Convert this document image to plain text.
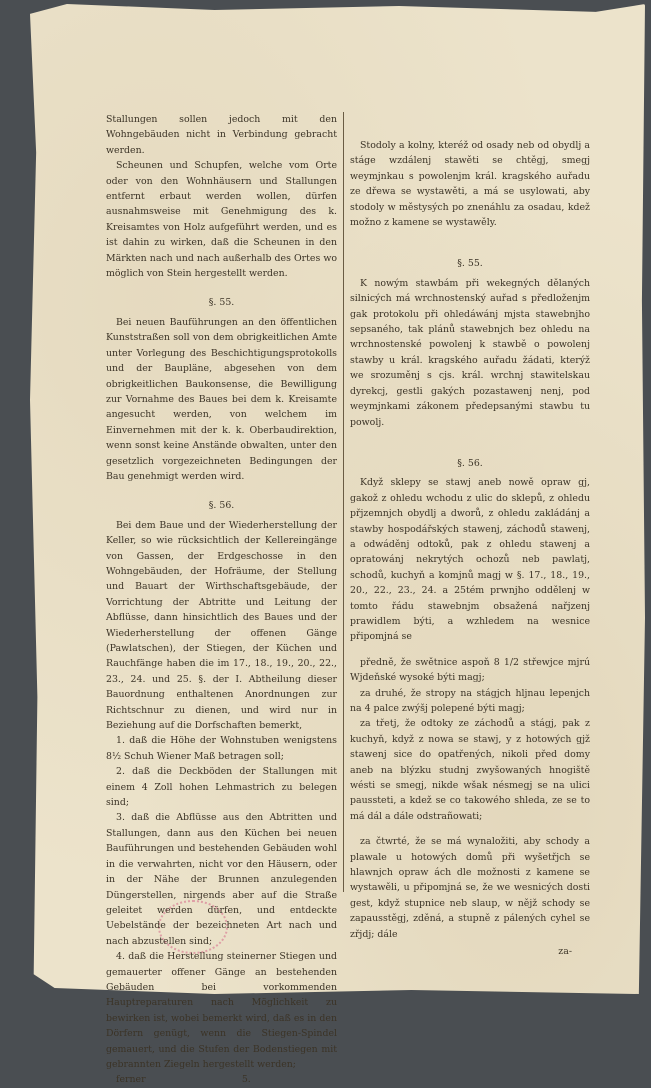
Stallungen sollen jedoch mit den Wohngebäuden nicht in Verbindung gebracht werden.

Scheunen und Schupfen, welche vom Orte oder von den Wohnhäusern und Stallungen entfernt erbaut werden wollen, dürfen ausnahmsweise mit Genehmigung des k. Kreisamtes von Holz aufgeführt werden, und es ist dahin zu wirken, daß die Scheunen in den Märkten nach und nach außerhalb des Ortes wo möglich von Stein hergestellt werden.

§. 55.

Bei neuen Bauführungen an den öffentlichen Kunststraßen soll von dem obrigkeitlichen Amte unter Vorlegung des Beschichtigungsprotokolls und der Baupläne, abgesehen von dem obrigkeitlichen Baukonsense, die Bewilligung zur Vornahme des Baues bei dem k. Kreisamte angesucht werden, von welchem im Einvernehmen mit der k. k. Oberbaudirektion, wenn sonst keine Anstände obwalten, unter den gesetzlich vorgezeichneten Bedingungen der Bau genehmigt werden wird.

§. 56.

Bei dem Baue und der Wiederherstellung der Keller, so wie rücksichtlich der Kellereingänge von Gassen, der Erdgeschosse in den Wohngebäuden, der Hofräume, der Stellung und Bauart der Wirthschaftsgebäude, der Vorrichtung der Abtritte und Leitung der Abflüsse, dann hinsichtlich des Baues und der Wiederherstellung der offenen Gänge (Pawlatschen), der Stiegen, der Küchen und Rauchfänge haben die im 17., 18., 19., 20., 22., 23., 24. und 25. §. der I. Abtheilung dieser Bauordnung enthaltenen Anordnungen zur Richtschnur zu dienen, und wird nur in Beziehung auf die Dorfschaften bemerkt,

1. daß die Höhe der Wohnstuben wenigstens 8½ Schuh Wiener Maß betragen soll;

2. daß die Deckböden der Stallungen mit einem 4 Zoll hohen Lehmastrich zu belegen sind;

3. daß die Abflüsse aus den Abtritten und Stallungen, dann aus den Küchen bei neuen Bauführungen und bestehenden Gebäuden wohl in die verwahrten, nicht vor den Häusern, oder in der Nähe der Brunnen anzulegenden Düngerstellen, nirgends aber auf die Straße geleitet werden dürfen, und entdeckte Uebelstände der bezeichneten Art nach und nach abzustellen sind;

4. daß die Herstellung steinerner Stiegen und gemauerter offener Gänge an bestehenden Gebäuden bei vorkommenden Hauptreparaturen nach Möglichkeit zu bewirken ist, wobei bemerkt wird, daß es in den Dörfern genügt, wenn die Stiegen-Spindel gemauert, und die Stufen der Bodenstiegen mit gebrannten Ziegeln hergestellt werden;

ferner	5.

Stodoly a kolny, kteréž od osady neb od obydlj a stáge wzdálenj stawěti se chtěgj, smegj weymjnkau s powolenjm král. kragského auřadu ze dřewa se wystawěti, a má se usylowati, aby stodoly w městysých po znenáhlu za osadau, kdež možno z kamene se wystawěly.

§. 55.

K nowým stawbám při wekegných dělaných silnicých má wrchnostenský auřad s předloženjm gak protokolu při ohledáwánj mjsta stawebnjho sepsaného, tak plánů stawebnjch bez ohledu na wrchnostenské powolenj k stawbě o powolenj stawby u král. kragského auřadu žádati, kterýž we srozuměnj s cjs. král. wrchnj stawitelskau dyrekcj, gestli gakých pozastawenj nenj, pod weymjnkami zákonem předepsanými stawbu tu powolj.

§. 56.

Když sklepy se stawj aneb nowě opraw gj, gakož z ohledu wchodu z ulic do sklepů, z ohledu přjzemnjch obydlj a dworů, z ohledu zakládánj a stawby hospodářských stawenj, záchodů stawenj, a odwáděnj odtoků, pak z ohledu stawenj a opratowánj nekrytých ochozů neb pawlatj, schodů, kuchyň a komjnů magj w §. 17., 18., 19., 20., 22., 23., 24. a 25tém prwnjho oddělenj w tomto řádu stawebnjm obsažená nařjzenj prawidlem býti, a wzhledem na wesnice připomjná se

předně, že swětnice aspoň 8 1/2 střewjce mjrú Wjdeňské wysoké býti magj;

za druhé, že stropy na stágjch hljnau lepenjch na 4 palce zwýšj polepené býti magj;

za třetj, že odtoky ze záchodů a stágj, pak z kuchyň, když z nowa se stawj, y z hotowých gjž stawenj sice do opatřených, nikoli před domy aneb na blýzku studnj zwyšowaných hnogiště wésti se smegj, nikde wšak nésmegj se na ulici paussteti, a kdež se co takowého shleda, ze se to má dál a dále odstrañowati;

za čtwrté, že se má wynaložiti, aby schody a plawale u hotowých domů při wyšetřjch se hlawnjch opraw ách dle možnosti z kamene se wystawěli, u připomjná se, že we wesnicých dosti gest, když stupnice neb slaup, w nějž schody se zapausstěgj, zděná, a stupně z pálených cyhel se zřjdj; dále

za-
